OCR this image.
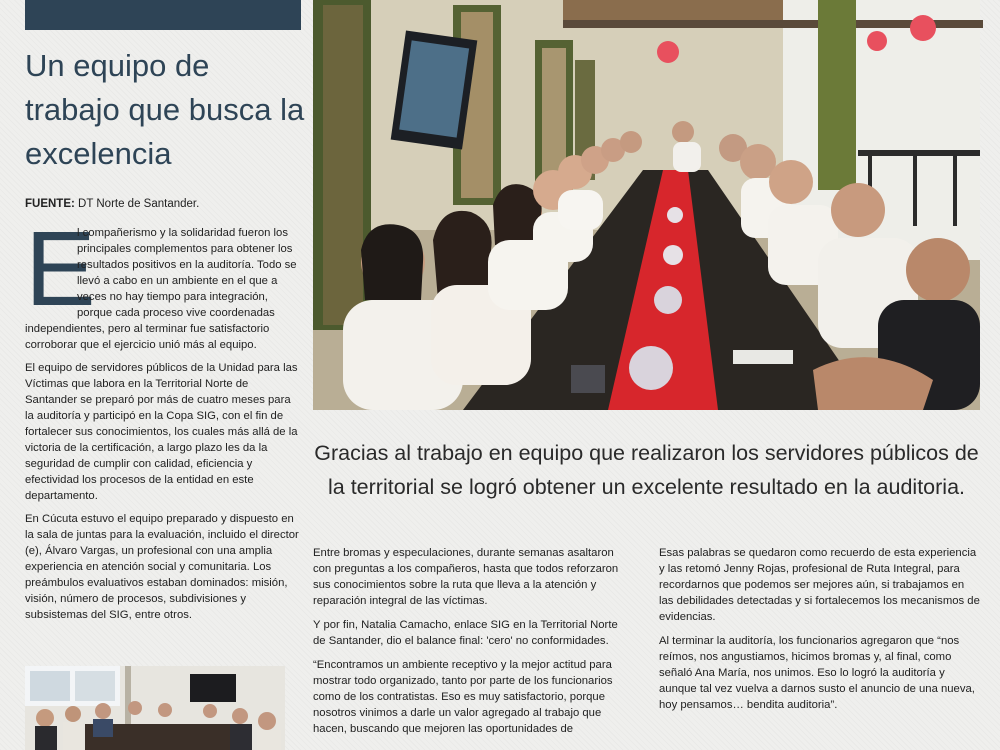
Un equipo de trabajo que busca la excelencia
FUENTE: DT Norte de Santander.

E
l compañerismo y la solidaridad fueron los principales complementos para obtener los resultados positivos en la auditoría. Todo se llevó a cabo en un ambiente en el que a veces no hay tiempo para integración, porque cada proceso vive coordenadas independientes, pero al terminar fue satisfactorio corroborar que el ejercicio unió más al equipo.

El equipo de servidores públicos de la Unidad para las Víctimas que labora en la Territorial Norte de Santander se preparó por más de cuatro meses para la auditoría y participó en la Copa SIG, con el fin de fortalecer sus conocimientos, los cuales más allá de la victoria de la certificación, a largo plazo les da la seguridad de cumplir con calidad, eficiencia y efectividad los procesos de la entidad en este departamento.

En Cúcuta estuvo el equipo preparado y dispuesto en la sala de juntas para la evaluación, incluido el director (e), Álvaro Vargas, un profesional con una amplia experiencia en atención social y comunitaria. Los preámbulos evaluativos estaban dominados: misión, visión, número de procesos, subdivisiones y subsistemas del SIG, entre otros.

Gracias al trabajo en equipo que realizaron los servidores públicos de la territorial se logró obtener un excelente resultado en la auditoria.

Entre bromas y especulaciones, durante semanas asaltaron con preguntas a los compañeros, hasta que todos reforzaron sus conocimientos sobre la ruta que lleva a la atención y reparación integral de las víctimas.

Y por fin, Natalia Camacho, enlace SIG en la Territorial Norte de Santander, dio el balance final: 'cero' no conformidades.

“Encontramos un ambiente receptivo y la mejor actitud para mostrar todo organizado, tanto por parte de los funcionarios como de los contratistas. Eso es muy satisfactorio, porque nosotros vinimos a darle un valor agregado al trabajo que hacen, buscando que mejoren las oportunidades de

Esas palabras se quedaron como recuerdo de esta experiencia y las retomó Jenny Rojas, profesional de Ruta Integral, para recordarnos que podemos ser mejores aún, si trabajamos en las debilidades detectadas y si fortalecemos los mecanismos de evidencias.

Al terminar la auditoría, los funcionarios agregaron que “nos reímos, nos angustiamos, hicimos bromas y, al final, como señaló Ana María, nos unimos. Eso lo logró la auditoría y aunque tal vez vuelva a darnos susto el anuncio de una nueva, hoy pensamos… bendita auditoria”.
